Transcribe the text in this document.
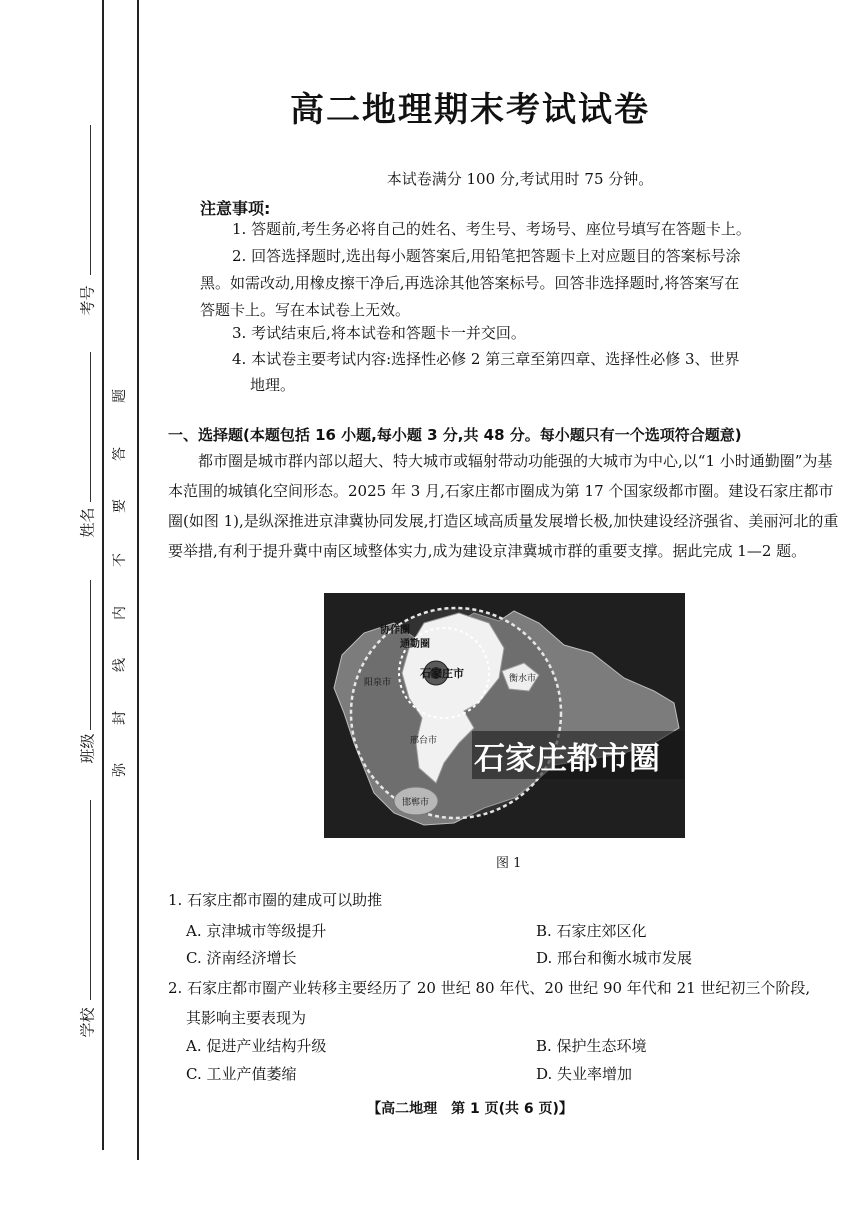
考号
姓名
班级
学校
题
答
要
不
内
线
封
弥
高二地理期末考试试卷
本试卷满分 100 分,考试用时 75 分钟。
注意事项:
1. 答题前,考生务必将自己的姓名、考生号、考场号、座位号填写在答题卡上。
2. 回答选择题时,选出每小题答案后,用铅笔把答题卡上对应题目的答案标号涂
黑。如需改动,用橡皮擦干净后,再选涂其他答案标号。回答非选择题时,将答案写在
答题卡上。写在本试卷上无效。
3. 考试结束后,将本试卷和答题卡一并交回。
4. 本试卷主要考试内容:选择性必修 2 第三章至第四章、选择性必修 3、世界
地理。
一、选择题(本题包括 16 小题,每小题 3 分,共 48 分。每小题只有一个选项符合题意)
都市圈是城市群内部以超大、特大城市或辐射带动功能强的大城市为中心,以“1 小时通勤圈”为基本范围的城镇化空间形态。2025 年 3 月,石家庄都市圈成为第 17 个国家级都市圈。建设石家庄都市圈(如图 1),是纵深推进京津冀协同发展,打造区域高质量发展增长极,加快建设经济强省、美丽河北的重要举措,有利于提升冀中南区域整体实力,成为建设京津冀城市群的重要支撑。据此完成 1—2 题。
协作圈
通勤圈
石家庄市
阳泉市	衡水市
邢台市
邯郸市
石家庄都市圈
图 1
1. 石家庄都市圈的建成可以助推
A. 京津城市等级提升	B. 石家庄郊区化
C. 济南经济增长	D. 邢台和衡水城市发展
2. 石家庄都市圈产业转移主要经历了 20 世纪 80 年代、20 世纪 90 年代和 21 世纪初三个阶段,
其影响主要表现为
A. 促进产业结构升级	B. 保护生态环境
C. 工业产值萎缩	D. 失业率增加
【高二地理　第 1 页(共 6 页)】
